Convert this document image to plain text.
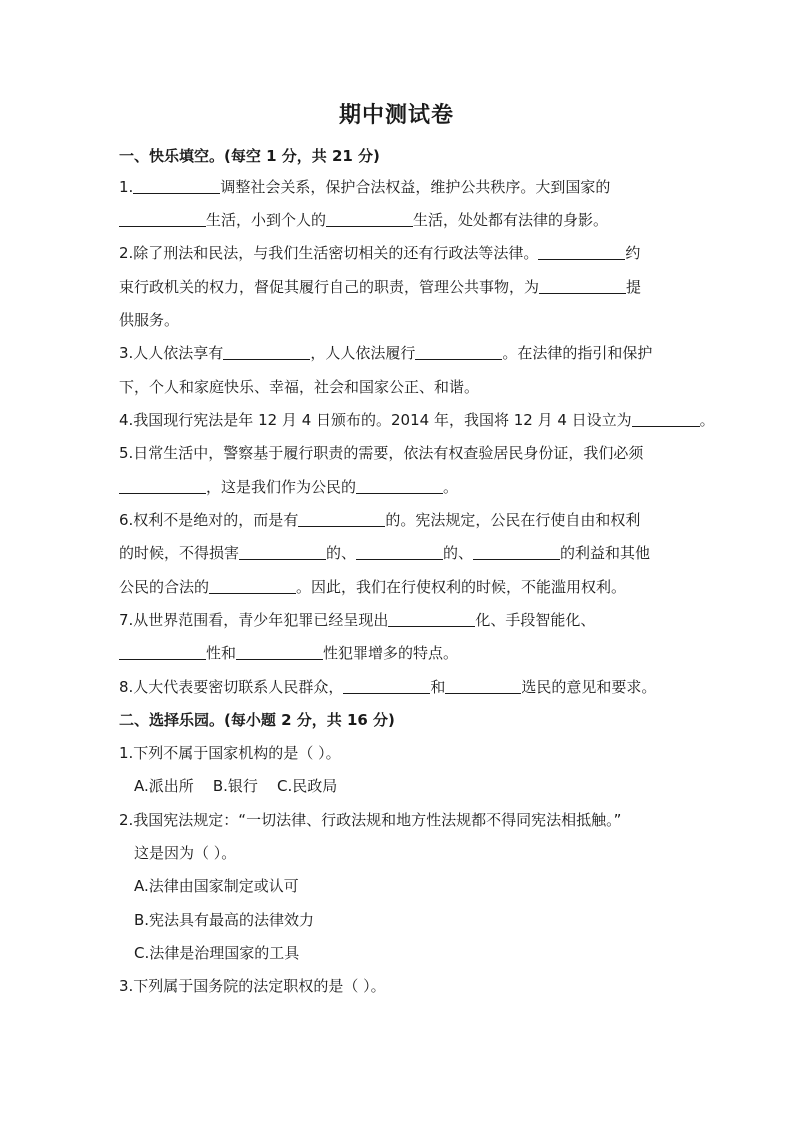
期中测试卷
一、快乐填空。(每空 1 分，共 21 分)
1.	调整社会关系，保护合法权益，维护公共秩序。大到国家的
生活，小到个人的	生活，处处都有法律的身影。
2.除了刑法和民法，与我们生活密切相关的还有行政法等法律。	约
束行政机关的权力，督促其履行自己的职责，管理公共事物，为	提
供服务。
3.人人依法享有	，人人依法履行	。在法律的指引和保护
下，个人和家庭快乐、幸福，社会和国家公正、和谐。
4.我国现行宪法是年 12 月 4 日颁布的。2014 年，我国将 12 月 4 日设立为	。
5.日常生活中，警察基于履行职责的需要，依法有权查验居民身份证，我们必须
，这是我们作为公民的	。
6.权利不是绝对的，而是有	的。宪法规定，公民在行使自由和权利
的时候，不得损害	的、	的、	的利益和其他
公民的合法的	。因此，我们在行使权利的时候，不能滥用权利。
7.从世界范围看，青少年犯罪已经呈现出	化、手段智能化、
性和	性犯罪增多的特点。
8.人大代表要密切联系人民群众，	和	选民的意见和要求。
二、选择乐园。(每小题 2 分，共 16 分)
1.下列不属于国家机构的是（ ）。
A.派出所    B.银行    C.民政局
2.我国宪法规定：“一切法律、行政法规和地方性法规都不得同宪法相抵触。”
这是因为（ ）。
A.法律由国家制定或认可
B.宪法具有最高的法律效力
C.法律是治理国家的工具
3.下列属于国务院的法定职权的是（ ）。
